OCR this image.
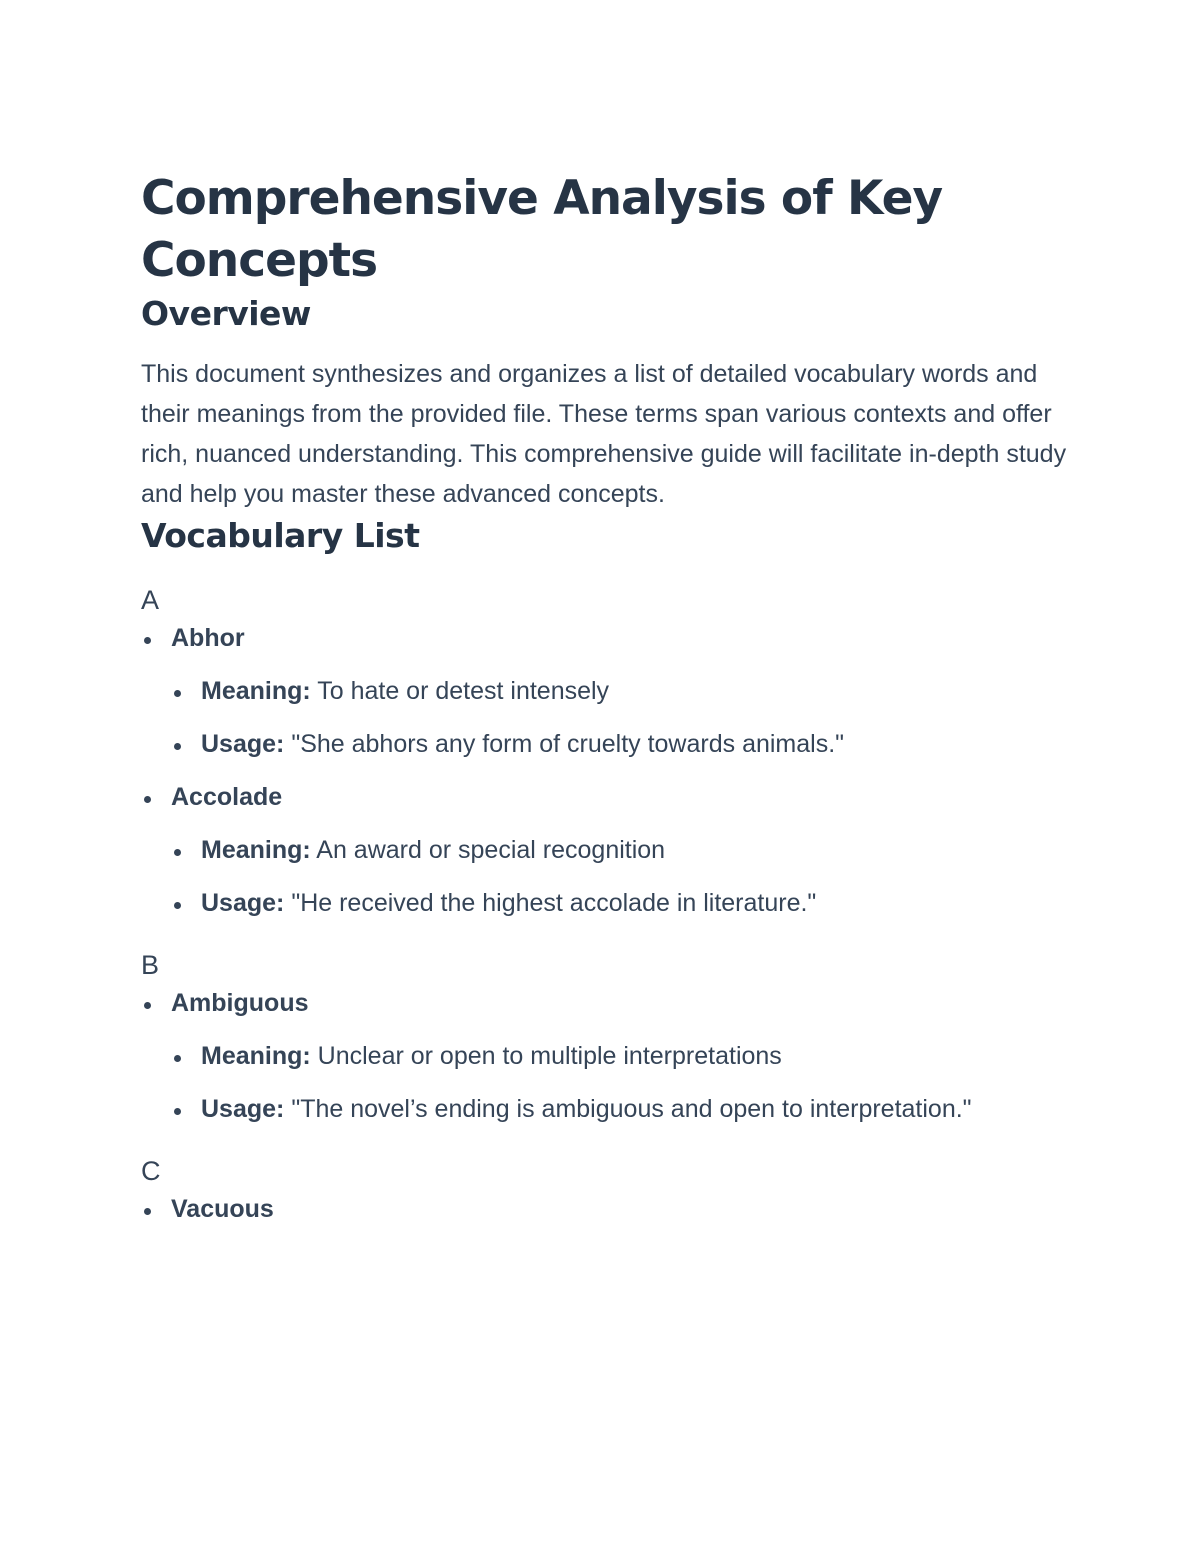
Comprehensive Analysis of Key Concepts
Overview

This document synthesizes and organizes a list of detailed vocabulary words and their meanings from the provided file. These terms span various contexts and offer rich, nuanced understanding. This comprehensive guide will facilitate in-depth study and help you master these advanced concepts.

Vocabulary List
A
Abhor
Meaning: To hate or detest intensely
Usage: "She abhors any form of cruelty towards animals."
Accolade
Meaning: An award or special recognition
Usage: "He received the highest accolade in literature."
B
Ambiguous
Meaning: Unclear or open to multiple interpretations
Usage: "The novel’s ending is ambiguous and open to interpretation."
C
Vacuous
